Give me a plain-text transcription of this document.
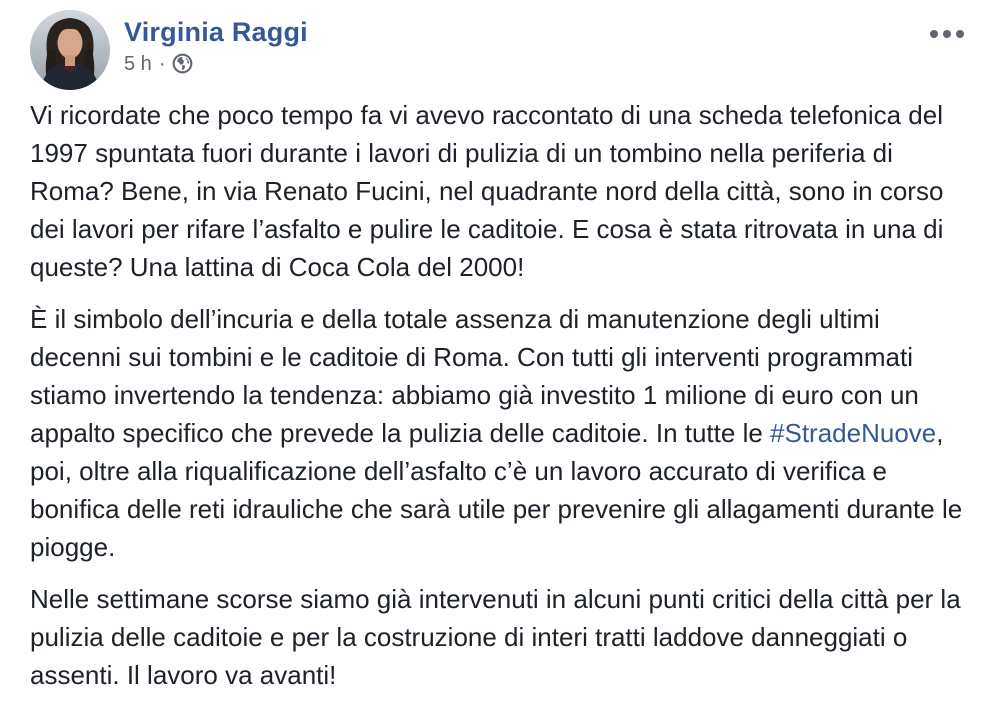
Virginia Raggi
5 h ·

Vi ricordate che poco tempo fa vi avevo raccontato di una scheda telefonica del 1997 spuntata fuori durante i lavori di pulizia di un tombino nella periferia di Roma? Bene, in via Renato Fucini, nel quadrante nord della città, sono in corso dei lavori per rifare l’asfalto e pulire le caditoie. E cosa è stata ritrovata in una di queste? Una lattina di Coca Cola del 2000!

È il simbolo dell’incuria e della totale assenza di manutenzione degli ultimi decenni sui tombini e le caditoie di Roma. Con tutti gli interventi programmati stiamo invertendo la tendenza: abbiamo già investito 1 milione di euro con un appalto specifico che prevede la pulizia delle caditoie. In tutte le #StradeNuove, poi, oltre alla riqualificazione dell’asfalto c’è un lavoro accurato di verifica e bonifica delle reti idrauliche che sarà utile per prevenire gli allagamenti durante le piogge.

Nelle settimane scorse siamo già intervenuti in alcuni punti critici della città per la pulizia delle caditoie e per la costruzione di interi tratti laddove danneggiati o assenti. Il lavoro va avanti!
